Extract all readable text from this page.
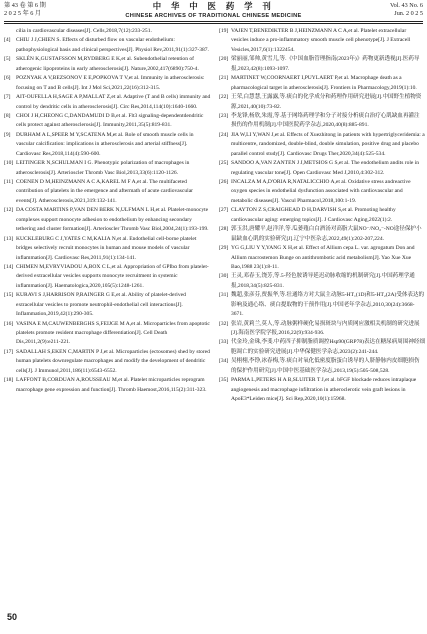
第 43 卷 第 6 期
2 0 2 5 年 6 月
中 华 中 医 药 学 刊
CHINESE ARCHIVES OF TRADITIONAL CHINESE MEDICINE
Vol. 43 No. 6
Jun. 2 0 2 5
cilia in cardiovascular diseases[J]. Cells,2018,7(12):233-251.
[4] CHIU J J,CHIEN S. Effects of disturbed flow on vascular endothelium: pathophysiological basis and clinical perspectives[J]. Physiol Rev,2011,91(1):327-387.
[5] SKLÉN K,GUSTAFSSON M,RYDBERG E K,et al. Subendothelial retention of atherogenic lipoproteins in early atherosclerosis[J]. Nature,2002,417(6890):750-4.
[6] POZNYAK A V,BEZSONOV E E,POPKOVA T V,et al. Immunity in atherosclerosis: focusing on T and B cells[J]. Int J Mol Sci,2021,22(16):312-315.
[7] AIT-OUFELLA H,SAGE A P,MALLAT Z,et al. Adaptive (T and B cells) immunity and control by dendritic cells in atherosclerosis[J]. Circ Res,2014,114(10):1640-1660.
[8] CHOI J H,CHEONG C,DANDAMUDI D B,et al. Flt3 signaling-dependentdendritic cells protect against atherosclerosis[J]. Immunity,2011,35(5):819-831.
[9] DURHAM A L,SPEER M Y,SCATENA M,et al. Role of smooth muscle cells in vascular calcification: implications in atherosclerosis and arterial stiffness[J]. Cardiovasc Res,2018,114(4):590-600.
[10] LEITINGER N,SCHULMAN I G. Phenotypic polarization of macrophages in atherosclerosis[J]. Arterioscler Thromb Vasc Biol,2013,33(6):1120-1126.
[11] COENEN D M,HEINZMANN A C A,KAREL M F A,et al. The multifaceted contribution of platelets in the emergence and aftermath of acute cardiovascular events[J]. Atherosclerosis,2021,319:132-141.
[12] DA COSTA MARTINS P,VAN DEN BERK N,ULFMAN L H,et al. Platelet-monocyte complexes support monocyte adhesion to endothelium by enhancing secondary tethering and cluster formation[J]. Arterioscler Thromb Vasc Biol,2004,24(1):193-199.
[13] KUCKLEBURG C J,YATES C M,KALIA N,et al. Endothelial cell-borne platelet bridges selectively recruit monocytes in human and mouse models of vascular inflammation[J]. Cardiovasc Res,2011,91(1):134-141.
[14] CHIMEN M,EVRYVIADOU A,BOX C L,et al. Appropriation of GPIbα from platelet-derived extracellular vesicles supports monocyte recruitment in systemic inflammation[J]. Haematologica,2020,105(5):1248-1261.
[15] KURAVI S J,HARRISON P,RAINGER G E,et al. Ability of platelet-derived extracellular vesicles to promote neutrophil-endothelial cell interactions[J]. Inflammation,2019,42(1):290-305.
[16] VASINA E M,CAUWENBERGHS S,FEIJGE M A,et al. Microparticles from apoptotic platelets promote resident macrophage differentiation[J]. Cell Death Dis,2011,2(9):e211-221.
[17] SADALLAH S,EKEN C,MARTIN P J,et al. Microparticles (ectosomes) shed by stored human platelets downregulate macrophages and modify the development of dendritic cells[J]. J Immunol,2011,186(11):6543-6552.
[18] LAFFONT B,CORDUAN A,ROUSSEAU M,et al. Platelet microparticles reprogram macrophage gene expression and function[J]. Thromb Haemost,2016,115(2):311-323.
[19] VAJEN T,BENEDIKTER B J,HEINZMANN A C A,et al. Platelet extracellular vesicles induce a pro-inflammatory smooth muscle cell phenotype[J]. J Extracell Vesicles,2017,6(1):1322454.
[20] 梁丽丽,邹帅,黄雪儿,等.《中国血脂管理指南(2023年)》药物更新透视[J].医药导报,2023,42(8):1093-1097.
[21] MARTINET W,COORNAERT I,PUYLAERT P,et al. Macrophage death as a pharmacological target in atherosclerosis[J]. Frontiers in Pharmacology,2019(1):10.
[22] 王荣,白慧慧,王露露,等.痰白的化学成分和药理作用研究进展[J].中国野生植物资源,2021,40(10):73-82.
[23] 李龙锋,杨欣,朱霞,等.基于网络药理学和分子对接分析痰白治疗心肌缺血再灌注损伤的作用机制[J].中国医院药学杂志,2020,40(8):885-891.
[24] JIA W,LI Y,WAN J,et al. Effects of Xuezhitong in patients with hypertriglyceridemia: a multicentre, randomized, double-blind, double simulation, positive drug and placebo parallel control study[J]. Cardiovasc Drugs Ther,2020,34(4):525-534.
[25] SANDOO A,VAN ZANTEN J J,METSIOS G S,et al. The endothelium andits role in regulating vascular tone[J]. Open Cardiovasc Med J,2010,4:302-312.
[26] INCALZA M A,D'ORIA R,NATALICCHIO A,et al. Oxidative stress andreactive oxygen species in endothelial dysfunction associated with cardiovascular and metabolic diseases[J]. Vascul Pharmacol,2018,100:1-19.
[27] CLAYTON Z S,CRAIGHEAD D H,DARVISH S,et al. Promoting healthy cardiovascular aging: emerging topics[J]. J Cardiovasc Aging,2022(1):2.
[28] 郭玉洪,唐耀平,赵洋洋,等.瓜蒌薤白白酒汤对高脂大鼠NO⁻/NO₂⁻-NO途径保护小鼠缺血心肌的实验研究[J].辽宁中医杂志,2022,49(1):202-207,224.
[29] YG G,LIU Y Y,YANG X H,et al. Effect of Allium cepa L. var. agrogatum Don and Allium macrostemon Bunge on antithrombotic acid metabolism[J]. Yao Xue Xue Bao,1988 23(1):8-11.
[30] 王灵,邓春玉,饶芳,等.5-羟色胺诱导延迟动脉收缩的机制研究[J].中国药理学通报,2018,34(5):825-831.
[31] 魏超,张彦芬,贾振华,等.壮通络方对大鼠主动脉5-HT₁(1D)和5-HT₂(2A)受体表达的影响及通心络、痰白提取物的干预作用[J].中国老年学杂志,2010,30(24):3668-3671.
[32] 张岩,黄莉兰,莫人,等.动脉粥样硬化易损斑块与内质网应激相关机制的研究进展[J].海南医学院学报,2016,22(9):934-936.
[33] 代金玲,金珠,李斐.中药四子抑制脂质调控Hsp90(GRP78)表达在糖尿病周围神经细胞凋亡的实验研究进展[J].中华保健医学杂志,2023(2):241-244.
[34] 吴栩栩,李铮,冰春梅,等.痰白对氧化低密度脂蛋白诱导的人脐静脉内皮细胞损伤的保护作用研究[J].中国中医基础医学杂志,2013,19(5):505-508,528.
[35] PARMA L,PETERS H A B,SLUITER T J,et al. bFGF blockade reduces intraplaque angiogenesis and macrophage infiltration in atheroclerotic vein graft lesions in ApoE3*Leiden mice[J]. Sci Rep,2020,10(1):15968.
50
